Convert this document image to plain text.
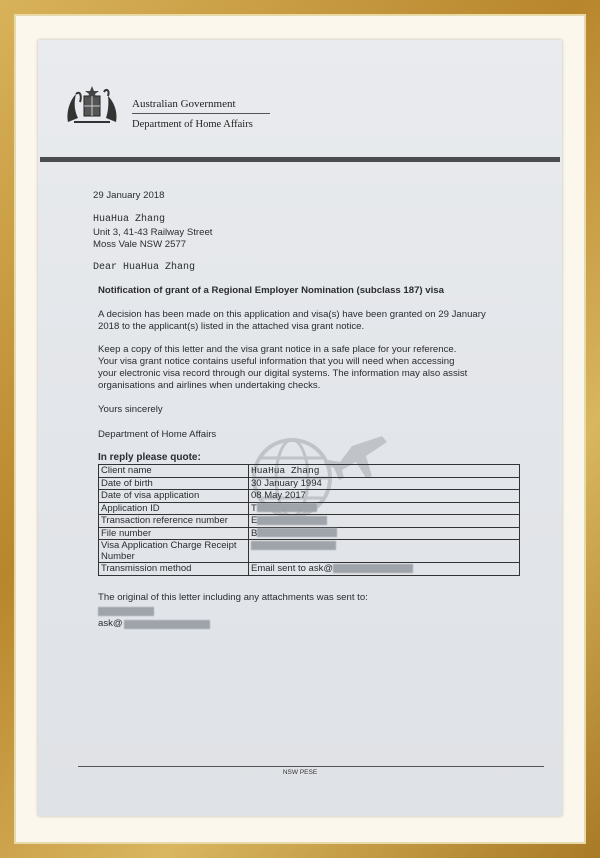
Australian Government
Department of Home Affairs
29 January 2018
HuaHua Zhang
Unit 3, 41-43 Railway Street
Moss Vale NSW 2577
Dear HuaHua Zhang
Notification of grant of a Regional Employer Nomination (subclass 187) visa
A decision has been made on this application and visa(s) have been granted on 29 January
2018 to the applicant(s) listed in the attached visa grant notice.
Keep a copy of this letter and the visa grant notice in a safe place for your reference.
Your visa grant notice contains useful information that you will need when accessing
your electronic visa record through our digital systems. The information may also assist
organisations and airlines when undertaking checks.
Yours sincerely
Department of Home Affairs
In reply please quote:
Client name	HuaHua Zhang
Date of birth	30 January 1994
Date of visa application	08 May 2017
Application ID	T
Transaction reference number	E
File number	B
Visa Application Charge Receipt Number	
Transmission method	Email sent to ask@
The original of this letter including any attachments was sent to:
ask@
NSW PESE
